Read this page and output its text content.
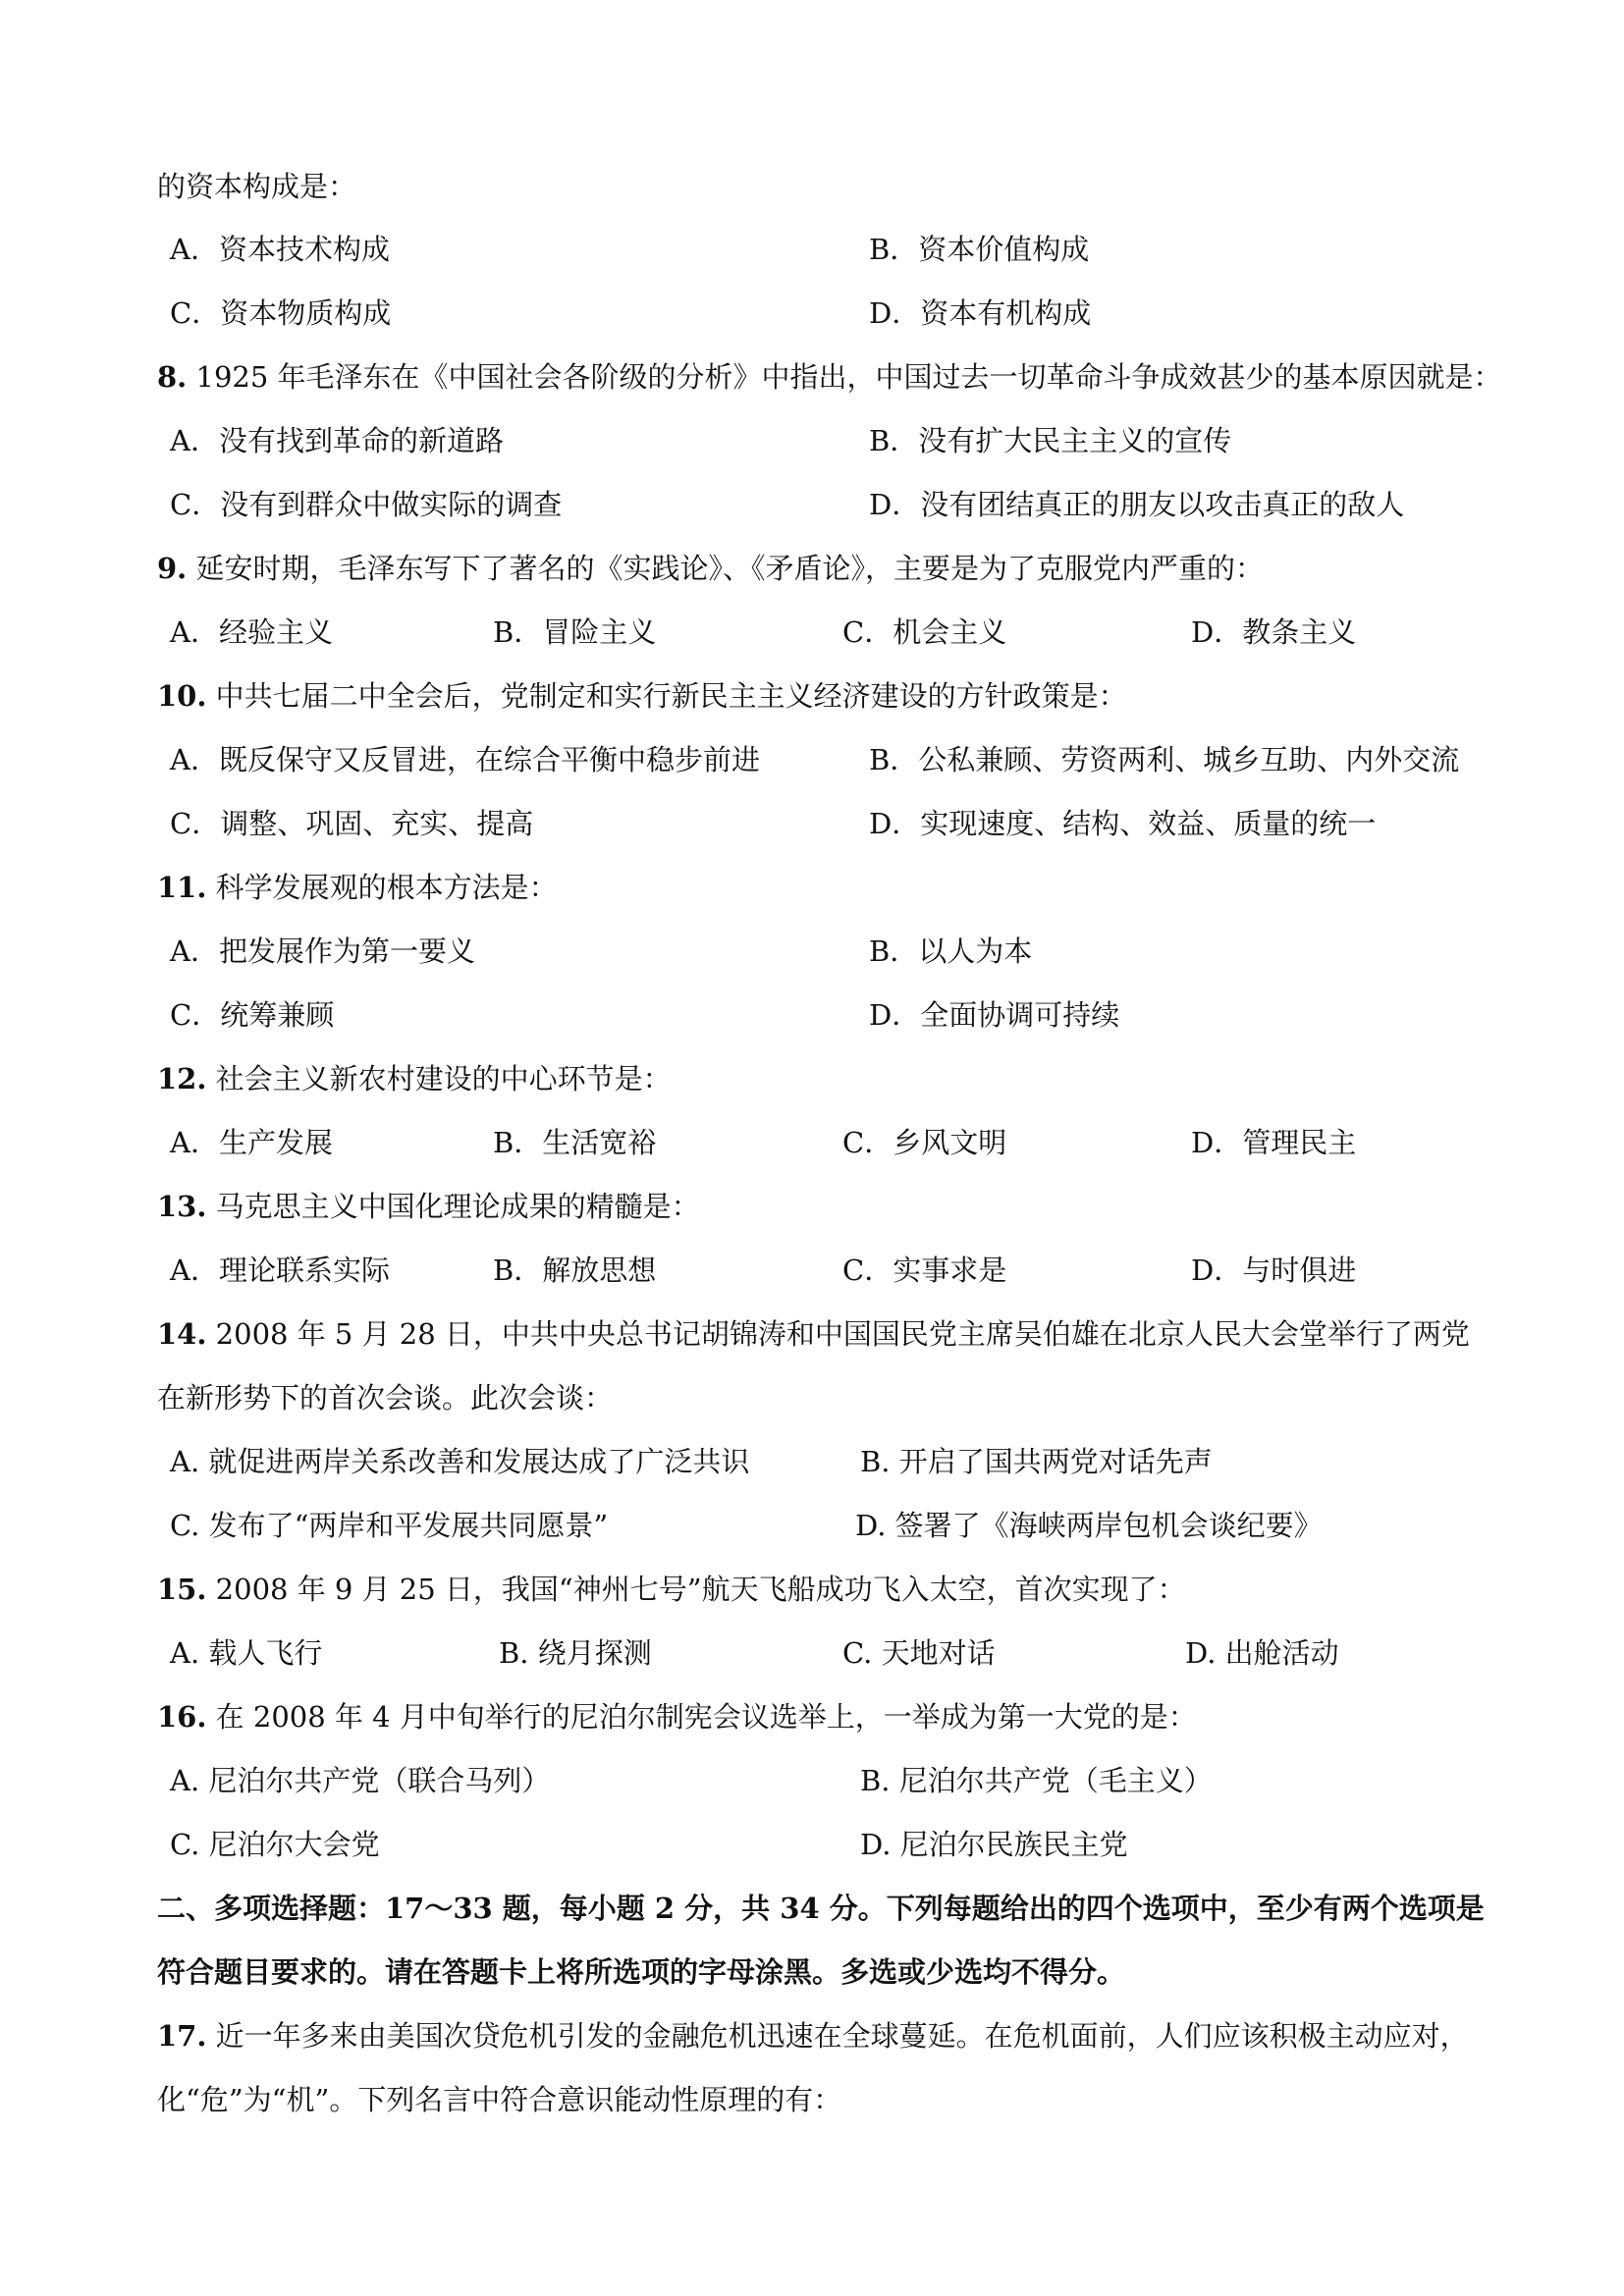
的资本构成是：
A．资本技术构成	B．资本价值构成
C．资本物质构成	D．资本有机构成
8. 1925 年毛泽东在《中国社会各阶级的分析》中指出，中国过去一切革命斗争成效甚少的基本原因就是：
A．没有找到革命的新道路	B．没有扩大民主主义的宣传
C．没有到群众中做实际的调查	D．没有团结真正的朋友以攻击真正的敌人
9. 延安时期，毛泽东写下了著名的《实践论》、《矛盾论》，主要是为了克服党内严重的：
A．经验主义	B．冒险主义	C．机会主义	D．教条主义
10. 中共七届二中全会后，党制定和实行新民主主义经济建设的方针政策是：
A．既反保守又反冒进，在综合平衡中稳步前进	B．公私兼顾、劳资两利、城乡互助、内外交流
C．调整、巩固、充实、提高	D．实现速度、结构、效益、质量的统一
11. 科学发展观的根本方法是：
A．把发展作为第一要义	B．以人为本
C．统筹兼顾	D．全面协调可持续
12. 社会主义新农村建设的中心环节是：
A．生产发展	B．生活宽裕	C．乡风文明	D．管理民主
13. 马克思主义中国化理论成果的精髓是：
A．理论联系实际	B．解放思想	C．实事求是	D．与时俱进
14. 2008 年 5 月 28 日，中共中央总书记胡锦涛和中国国民党主席吴伯雄在北京人民大会堂举行了两党在新形势下的首次会谈。此次会谈：
A. 就促进两岸关系改善和发展达成了广泛共识	B. 开启了国共两党对话先声
C. 发布了“两岸和平发展共同愿景”	D. 签署了《海峡两岸包机会谈纪要》
15. 2008 年 9 月 25 日，我国“神州七号”航天飞船成功飞入太空，首次实现了：
A. 载人飞行	B. 绕月探测	C. 天地对话	D. 出舱活动
16. 在 2008 年 4 月中旬举行的尼泊尔制宪会议选举上，一举成为第一大党的是：
A. 尼泊尔共产党（联合马列）	B. 尼泊尔共产党（毛主义）
C. 尼泊尔大会党	D. 尼泊尔民族民主党
二、多项选择题：17～33 题，每小题 2 分，共 34 分。下列每题给出的四个选项中，至少有两个选项是符合题目要求的。请在答题卡上将所选项的字母涂黑。多选或少选均不得分。
17. 近一年多来由美国次贷危机引发的金融危机迅速在全球蔓延。在危机面前，人们应该积极主动应对，化“危”为“机”。下列名言中符合意识能动性原理的有：
